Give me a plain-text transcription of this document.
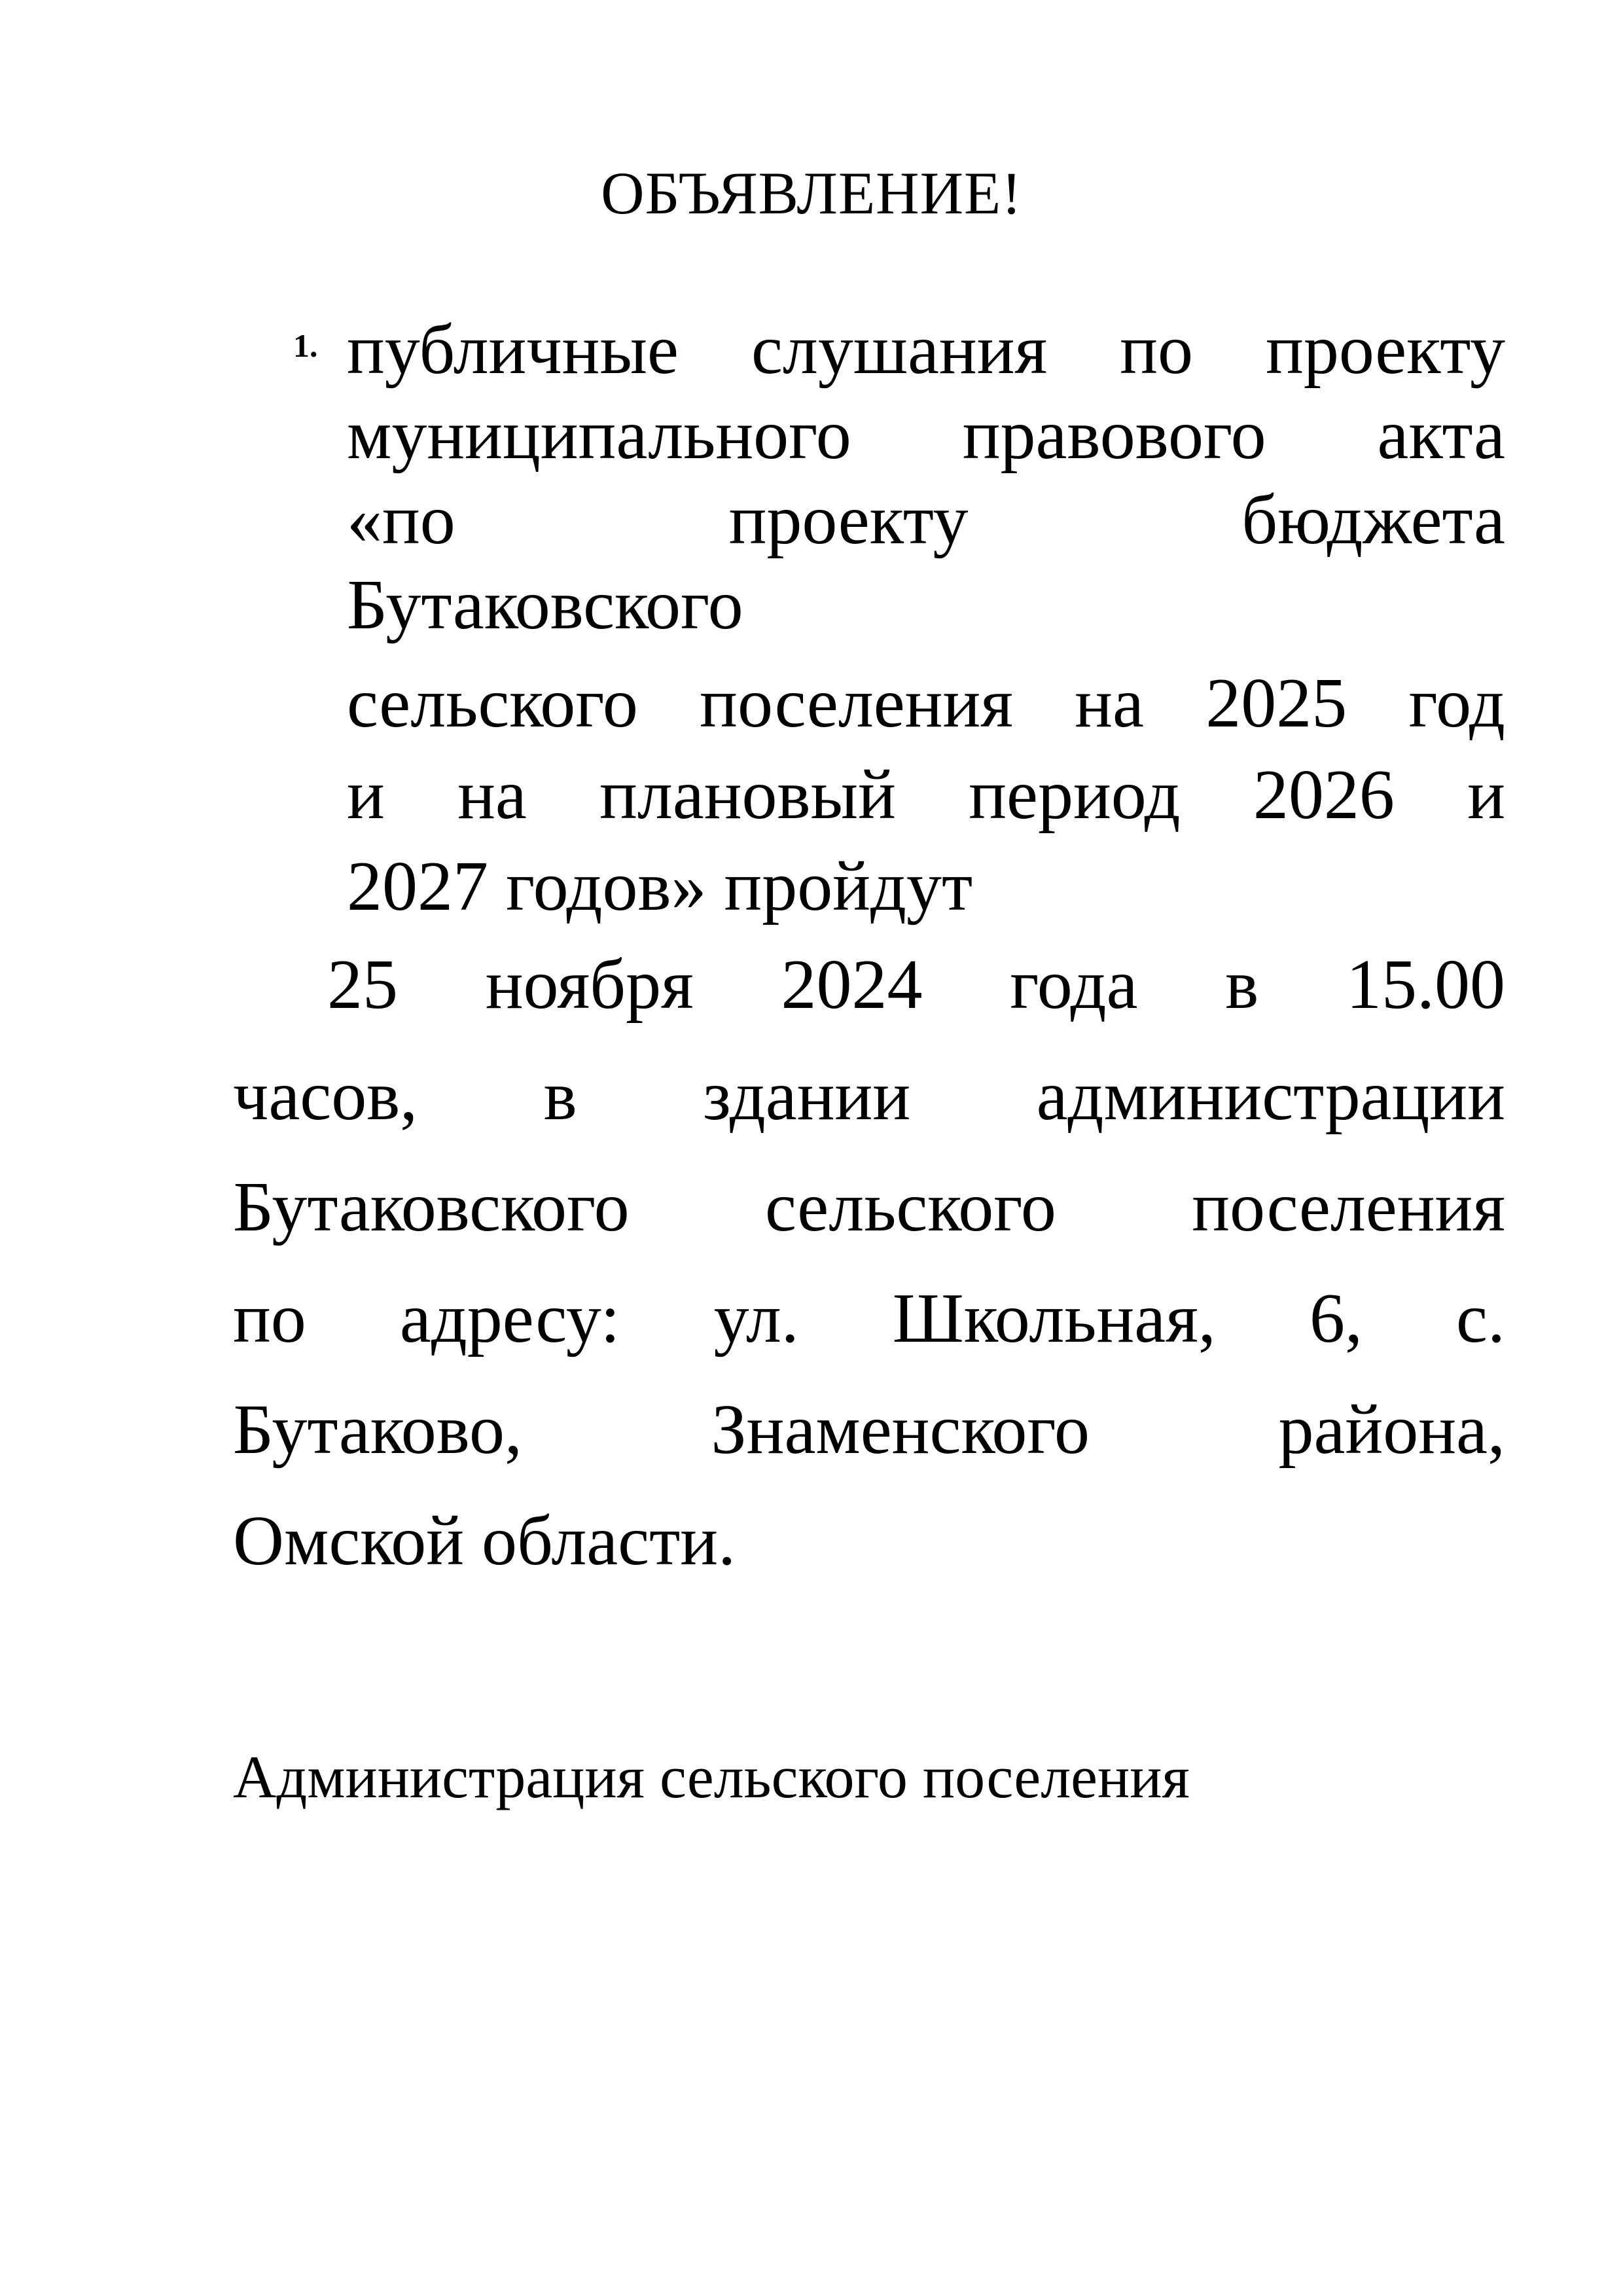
ОБЪЯВЛЕНИЕ!
1. публичные слушания по проекту
муниципального правового акта
«по проекту бюджета
Бутаковского
сельского поселения на 2025 год
и на плановый период 2026 и
2027 годов» пройдут
25 ноября 2024 года в 15.00
часов, в здании администрации
Бутаковского сельского поселения
по адресу: ул. Школьная, 6, с.
Бутаково, Знаменского района,
Омской области.
Администрация сельского поселения
